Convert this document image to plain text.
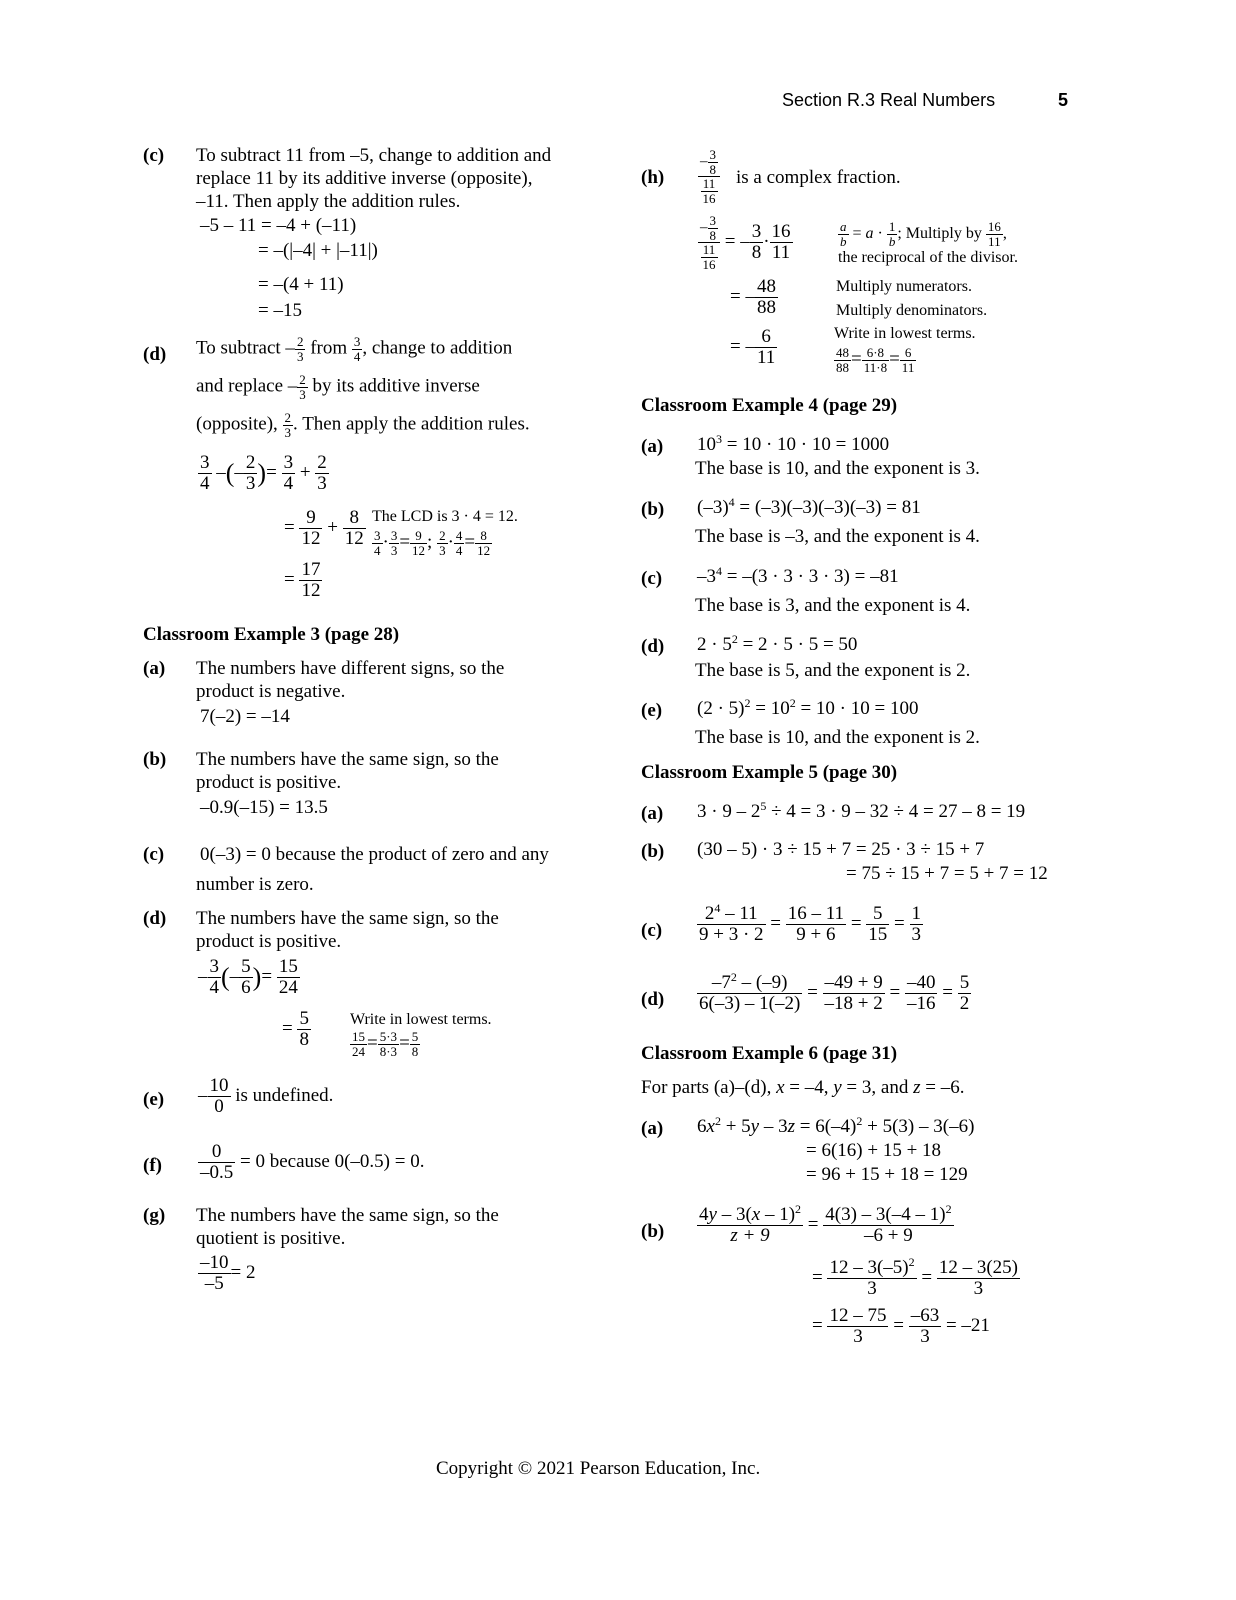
Section R.3 Real Numbers	5
(c) To subtract 11 from –5, change to addition and
replace 11 by its additive inverse (opposite),
–11. Then apply the addition rules.
–5 – 11 = –4 + (–11)
= –(|–4| + |–11|)
= –(4 + 11)
= –15
(d) To subtract – $\frac{2}{3}$ from $\frac{3}{4}$ , change to addition
and replace – $\frac{2}{3}$ by its additive inverse
(opposite), $\frac{2}{3}$ . Then apply the addition rules.
$\frac{3}{4}$ –(– $\frac{2}{3}$ )= $\frac{3}{4} + \frac{2}{3}$
= $\frac{9}{12} + \frac{8}{12}$ The LCD is 3 · 4 = 12.
$\frac{3}{4} \cdot \frac{3}{3} = \frac{9}{12}$ ; $\frac{2}{3} \cdot \frac{4}{4} = \frac{8}{12}$
= $\frac{17}{12}$
Classroom Example 3 (page 28)
(a) The numbers have different signs, so the
product is negative.
7(–2) = –14
(b) The numbers have the same sign, so the
product is positive.
–0.9(–15) = 13.5
(c) 0(–3) = 0 because the product of zero and any
number is zero.
(d) The numbers have the same sign, so the
product is positive.
– $\frac{3}{4}$ (– $\frac{5}{6}$ )= $\frac{15}{24}$
= $\frac{5}{8}$ Write in lowest terms.
$\frac{15}{24} = \frac{5\cdot 3}{8\cdot 3} = \frac{5}{8}$
$(e) - \frac{10}{0}$ is undefined.
$(f) \frac{0}{-0.5} = 0$ because 0(–0.5) = 0.
(g) The numbers have the same sign, so the
quotient is positive.
$\frac{-10}{-5} = 2$
$(h) \frac{- \frac{3}{8}}{\frac{11}{16}}$ is a complex fraction.
$\frac{- \frac{3}{8}}{\frac{11}{16}}$ = – $\frac{3}{8} \cdot \frac{16}{11}$	$\frac{a}{b} = a \cdot \frac{1}{b}$ ; Multiply by $\frac{16}{11}$ ,
the reciprocal of the divisor.
= – $\frac{48}{88}$	Multiply numerators.
Multiply denominators.
= – $\frac{6}{11}$	Write in lowest terms.
$\frac{48}{88} = \frac{6\cdot 8}{11\cdot 8} = \frac{6}{11}$
Classroom Example 4 (page 29)
(a) $10^3 = 10 \cdot 10 \cdot 10 = 1000$
The base is 10, and the exponent is 3.
(b) $(-3)^4 = (-3)(-3)(-3)(-3) = 81$
The base is –3, and the exponent is 4.
(c) $-3^4 = -(3 \cdot 3 \cdot 3 \cdot 3) = -81$
The base is 3, and the exponent is 4.
(d) $2 \cdot 5^2 = 2 \cdot 5 \cdot 5 = 50$
The base is 5, and the exponent is 2.
(e) $(2 \cdot 5)^2 = 10^2 = 10 \cdot 10 = 100$
The base is 10, and the exponent is 2.
Classroom Example 5 (page 30)
(a) $3 \cdot 9 - 2^5 \div 4 = 3 \cdot 9 - 32 \div 4 = 27 - 8 = 19$
(b) (30 – 5) · 3 ÷ 15 + 7 = 25 · 3 ÷ 15 + 7
= 75 ÷ 15 + 7 = 5 + 7 = 12
$(c) \frac{2^4 - 11}{9 + 3 \cdot 2} = \frac{16 - 11}{9 + 6} = \frac{5}{15} = \frac{1}{3}$
$(d) \frac{-7^2 - (-9)}{6(-3) - 1(-2)} = \frac{-49 + 9}{-18 + 2} = \frac{-40}{-16} = \frac{5}{2}$
Classroom Example 6 (page 31)
For parts (a)–(d), x = –4, y = 3, and z = –6.
(a) $6x^2 + 5y - 3z = 6(-4)^2 + 5(3) - 3(-6)$
= 6(16) + 15 + 18
= 96 + 15 + 18 = 129
$(b) \frac{4y - 3(x - 1)^2}{z + 9} = \frac{4(3) - 3(-4 - 1)^2}{-6 + 9}$
= $\frac{12 - 3(-5)^2}{3} = \frac{12 - 3(25)}{3}$
= $\frac{12 - 75}{3} = \frac{-63}{3} = -21$
Copyright © 2021 Pearson Education, Inc.
